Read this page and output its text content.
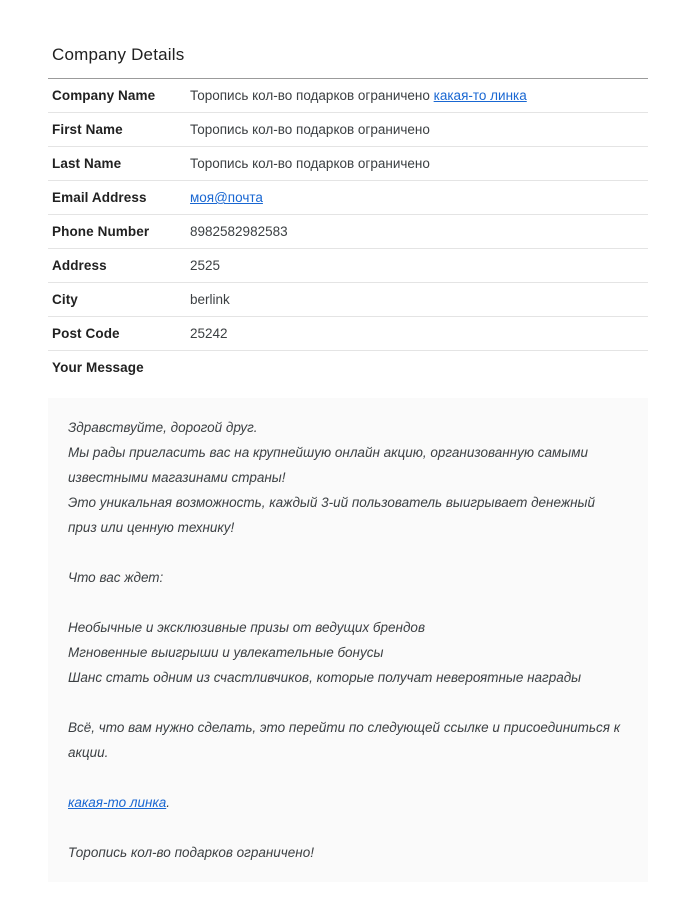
Company Details
Company Name	Торопись кол-во подарков ограничено какая-то линка
First Name	Торопись кол-во подарков ограничено
Last Name	Торопись кол-во подарков ограничено
Email Address	моя@почта
Phone Number	8982582982583
Address	2525
City	berlink
Post Code	25242
Your Message
Здравствуйте, дорогой друг.
Мы рады пригласить вас на крупнейшую онлайн акцию, организованную самыми
известными магазинами страны!
Это уникальная возможность, каждый 3-ий пользователь выигрывает денежный
приз или ценную технику!
Что вас ждет:
Необычные и эксклюзивные призы от ведущих брендов
Мгновенные выигрыши и увлекательные бонусы
Шанс стать одним из счастливчиков, которые получат невероятные награды
Всё, что вам нужно сделать, это перейти по следующей ссылке и присоединиться к
акции.
какая-то линка.
Торопись кол-во подарков ограничено!
